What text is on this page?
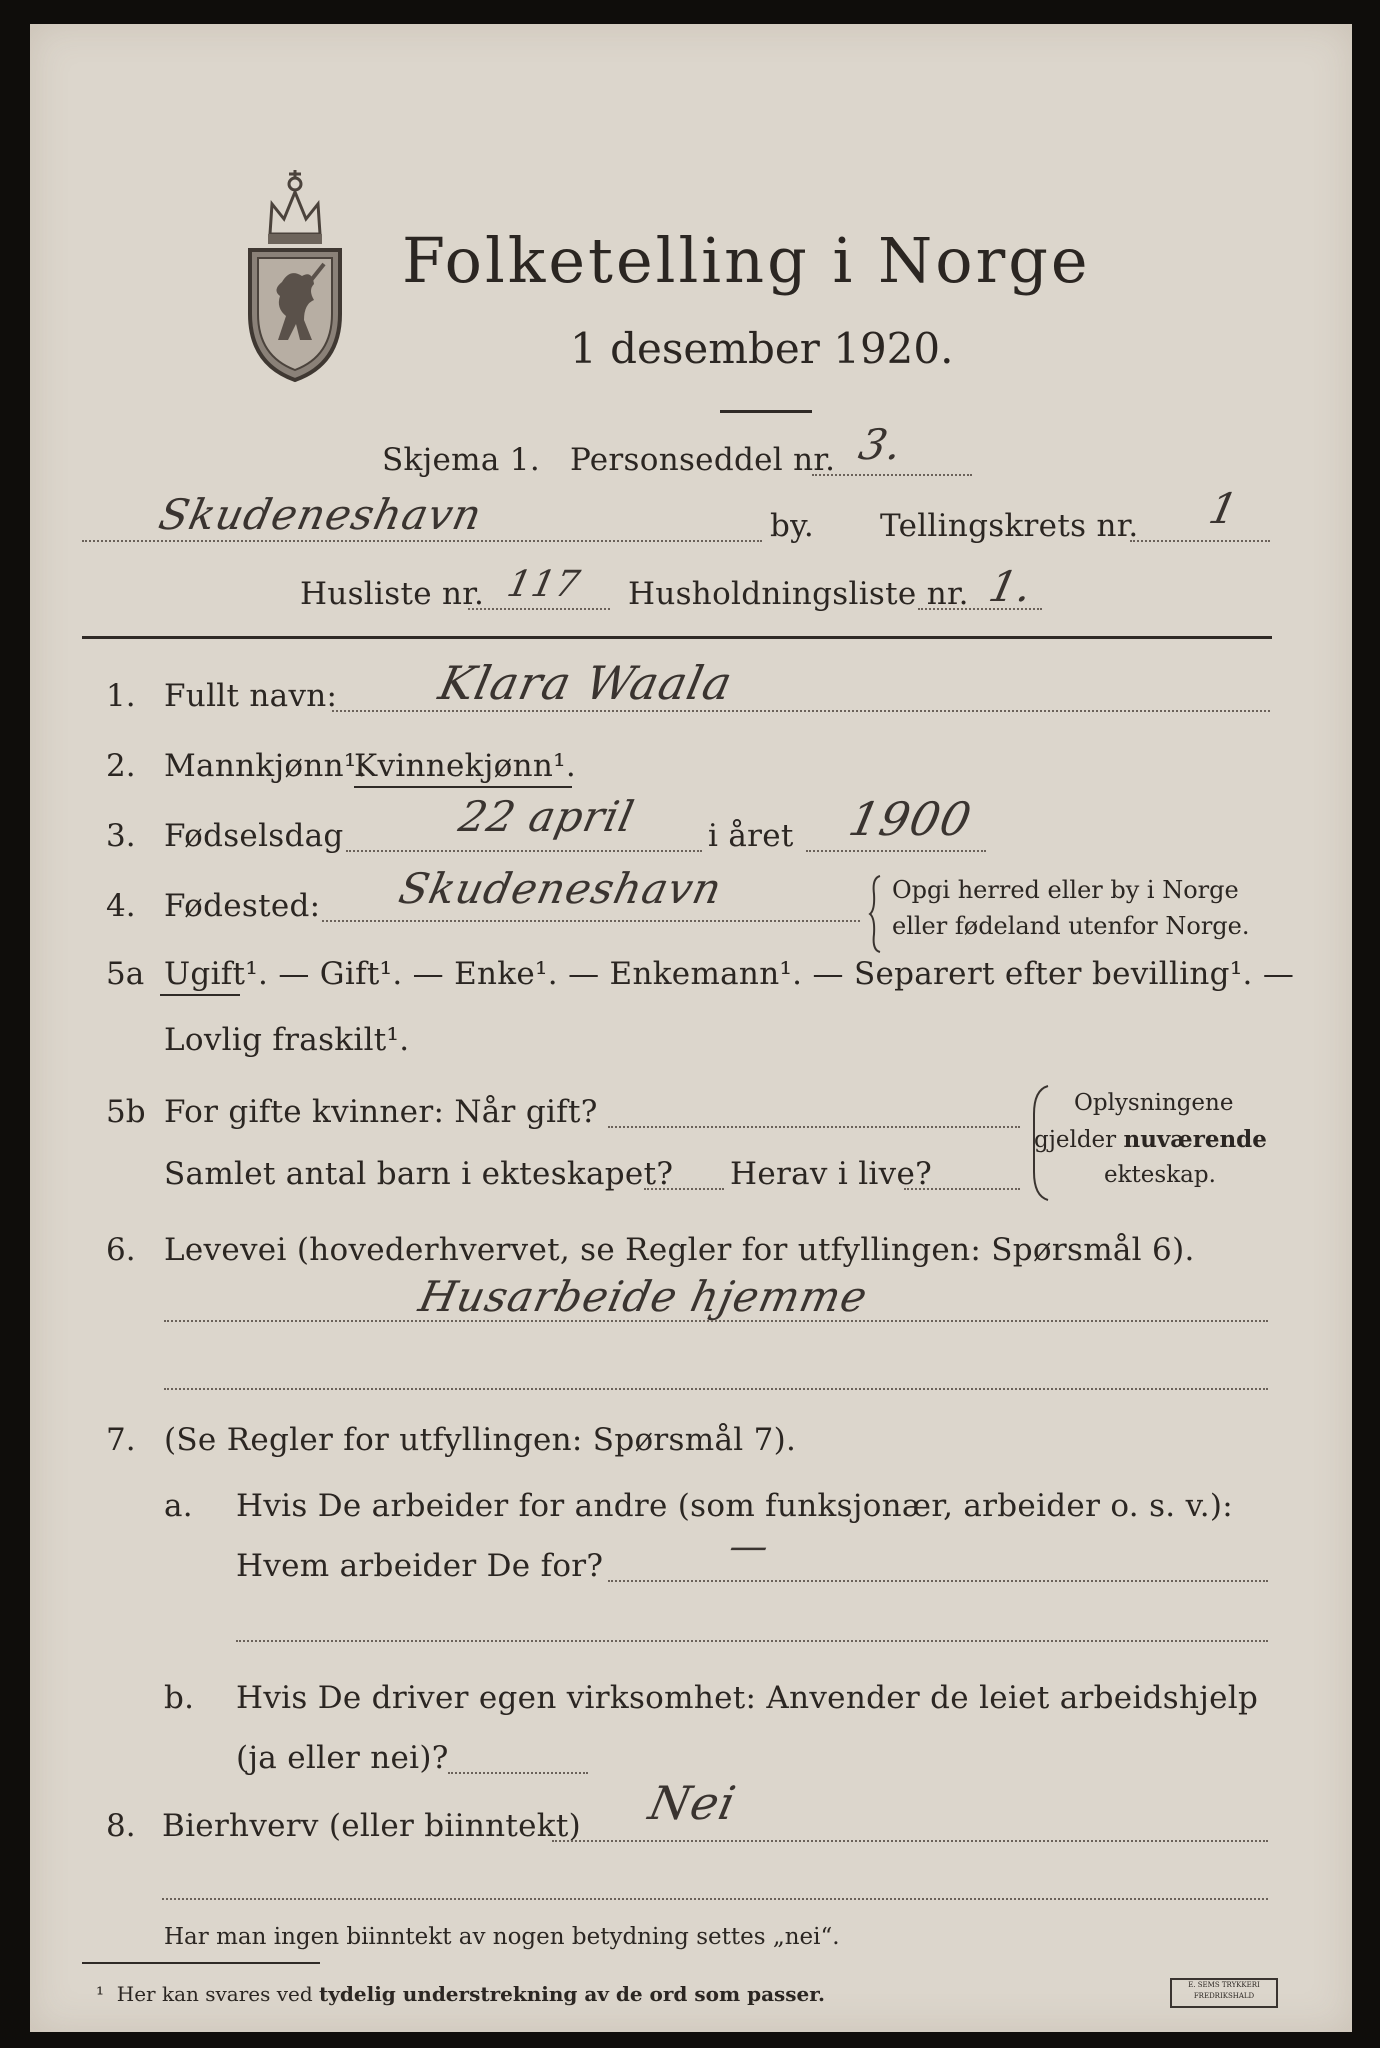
Folketelling i Norge
1 desember 1920.
Skjema 1. Personseddel nr. 3.
Skudeneshavn	by. Tellingskrets nr. 1
Husliste nr. 117 Husholdningsliste nr. 1.
1. Fullt navn: Klara Waala
2. Mannkjønn¹.
Kvinnekjønn¹.
3. Fødselsdag	22 april i året 1900
4. Fødested: Skudeneshavn	Opgi herred eller by i Norge
eller fødeland utenfor Norge.
5a Ugift¹. — Gift¹. — Enke¹. — Enkemann¹. — Separert efter bevilling¹. —
Lovlig fraskilt¹.
5b For gifte kvinner: Når gift?
Samlet antal barn i ekteskapet? Herav i live?
Oplysningene
gjelder nuværende
ekteskap.
6. Levevei (hovederhvervet, se Regler for utfyllingen: Spørsmål 6).
Husarbeide hjemme
7. (Se Regler for utfyllingen: Spørsmål 7).
a. Hvis De arbeider for andre (som funksjonær, arbeider o. s. v.):
Hvem arbeider De for?	—
b. Hvis De driver egen virksomhet: Anvender de leiet arbeidshjelp
(ja eller nei)?
8. Bierhverv (eller biinntekt) Nei
Har man ingen biinntekt av nogen betydning settes „nei“.
¹ Her kan svares ved tydelig understrekning av de ord som passer.	E. SEMS TRYKKERI
FREDRIKSHALD
